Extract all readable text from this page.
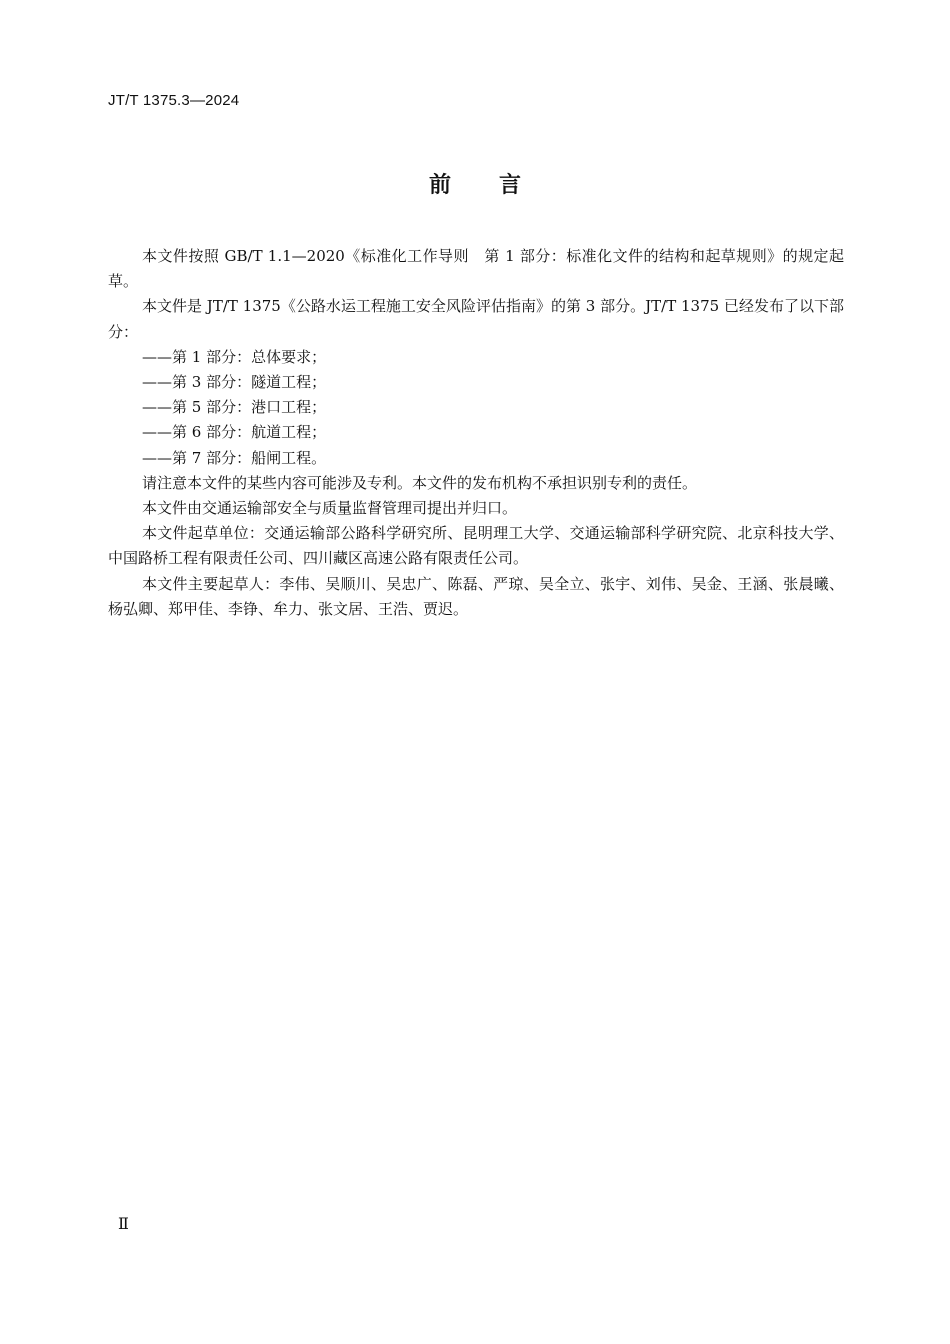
JT/T 1375.3—2024
前言

本文件按照 GB/T 1.1—2020《标准化工作导则　第 1 部分：标准化文件的结构和起草规则》的规定起草。

本文件是 JT/T 1375《公路水运工程施工安全风险评估指南》的第 3 部分。JT/T 1375 已经发布了以下部分：

——第 1 部分：总体要求；

——第 3 部分：隧道工程；

——第 5 部分：港口工程；

——第 6 部分：航道工程；

——第 7 部分：船闸工程。

请注意本文件的某些内容可能涉及专利。本文件的发布机构不承担识别专利的责任。

本文件由交通运输部安全与质量监督管理司提出并归口。

本文件起草单位：交通运输部公路科学研究所、昆明理工大学、交通运输部科学研究院、北京科技大学、中国路桥工程有限责任公司、四川藏区高速公路有限责任公司。

本文件主要起草人：李伟、吴顺川、吴忠广、陈磊、严琼、吴全立、张宇、刘伟、吴金、王涵、张晨曦、杨弘卿、郑甲佳、李铮、牟力、张文居、王浩、贾迟。

Ⅱ
